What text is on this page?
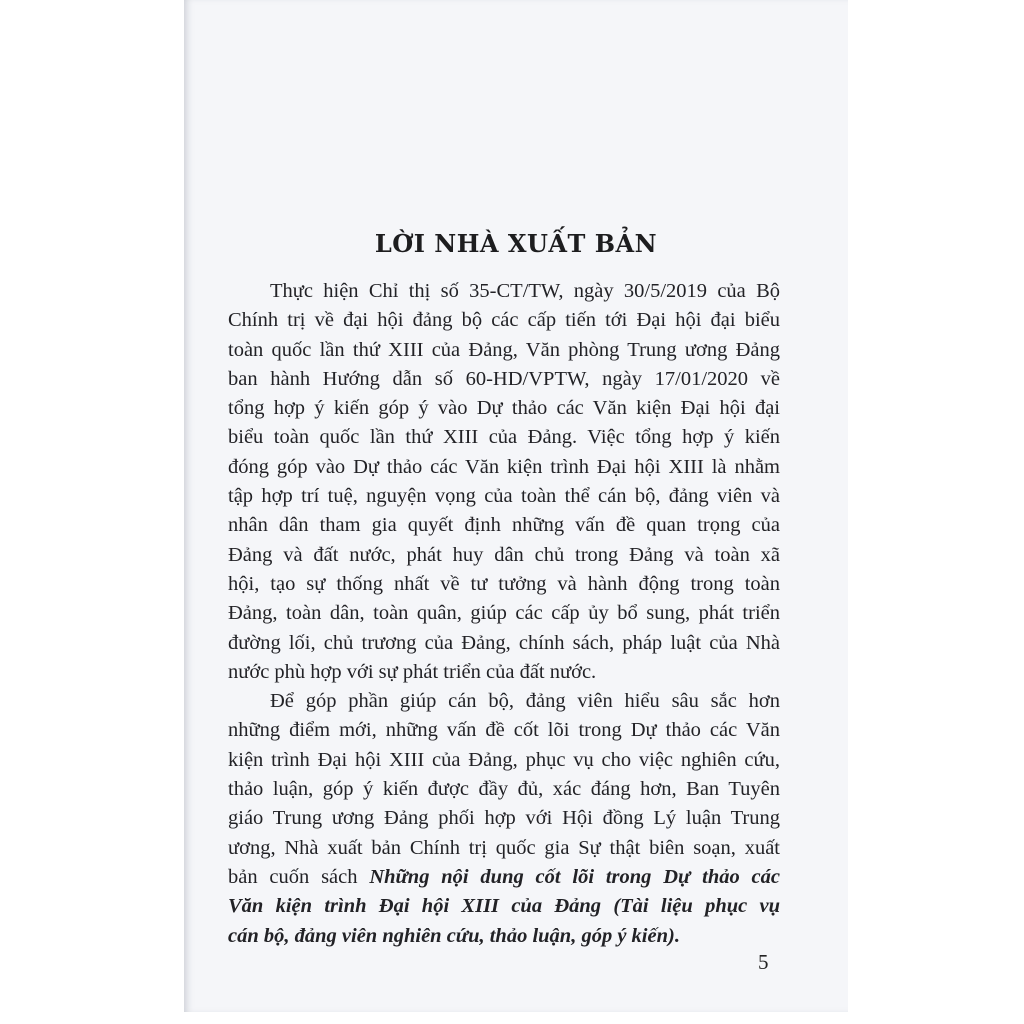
LỜI NHÀ XUẤT BẢN
Thực hiện Chỉ thị số 35-CT/TW, ngày 30/5/2019 của Bộ
Chính trị về đại hội đảng bộ các cấp tiến tới Đại hội đại biểu
toàn quốc lần thứ XIII của Đảng, Văn phòng Trung ương Đảng
ban hành Hướng dẫn số 60-HD/VPTW, ngày 17/01/2020 về
tổng hợp ý kiến góp ý vào Dự thảo các Văn kiện Đại hội đại
biểu toàn quốc lần thứ XIII của Đảng. Việc tổng hợp ý kiến
đóng góp vào Dự thảo các Văn kiện trình Đại hội XIII là nhằm
tập hợp trí tuệ, nguyện vọng của toàn thể cán bộ, đảng viên và
nhân dân tham gia quyết định những vấn đề quan trọng của
Đảng và đất nước, phát huy dân chủ trong Đảng và toàn xã
hội, tạo sự thống nhất về tư tưởng và hành động trong toàn
Đảng, toàn dân, toàn quân, giúp các cấp ủy bổ sung, phát triển
đường lối, chủ trương của Đảng, chính sách, pháp luật của Nhà
nước phù hợp với sự phát triển của đất nước.
Để góp phần giúp cán bộ, đảng viên hiểu sâu sắc hơn
những điểm mới, những vấn đề cốt lõi trong Dự thảo các Văn
kiện trình Đại hội XIII của Đảng, phục vụ cho việc nghiên cứu,
thảo luận, góp ý kiến được đầy đủ, xác đáng hơn, Ban Tuyên
giáo Trung ương Đảng phối hợp với Hội đồng Lý luận Trung
ương, Nhà xuất bản Chính trị quốc gia Sự thật biên soạn, xuất
bản cuốn sách Những nội dung cốt lõi trong Dự thảo các
Văn kiện trình Đại hội XIII của Đảng (Tài liệu phục vụ
cán bộ, đảng viên nghiên cứu, thảo luận, góp ý kiến).
5
